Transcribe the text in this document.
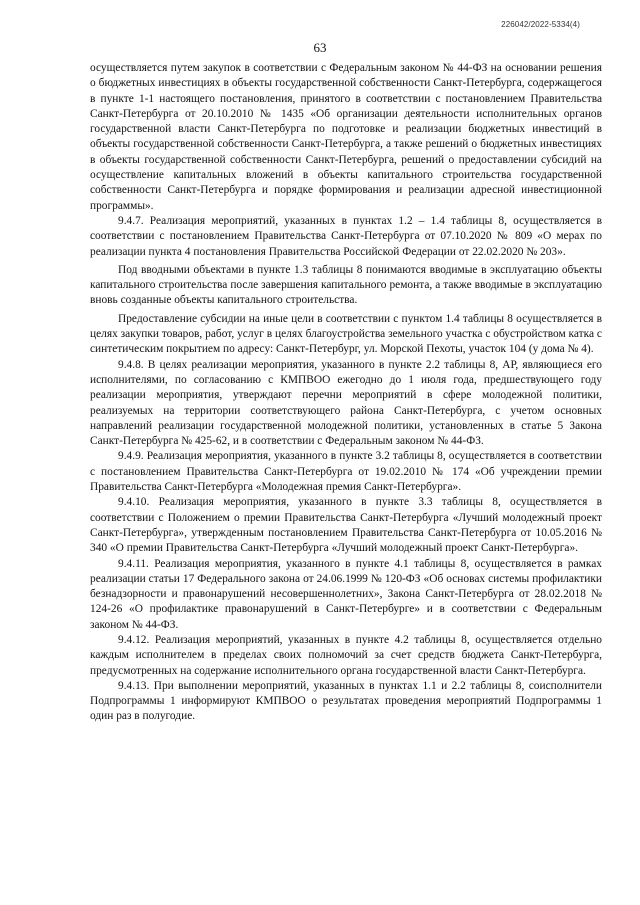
226042/2022-5334(4)
63

осуществляется путем закупок в соответствии с Федеральным законом № 44-ФЗ на основании решения о бюджетных инвестициях в объекты государственной собственности Санкт-Петербурга, содержащегося в пункте 1-1 настоящего постановления, принятого в соответствии с постановлением Правительства Санкт-Петербурга от 20.10.2010 № 1435 «Об организации деятельности исполнительных органов государственной власти Санкт-Петербурга по подготовке и реализации бюджетных инвестиций в объекты государственной собственности Санкт-Петербурга, а также решений о бюджетных инвестициях в объекты государственной собственности Санкт-Петербурга, решений о предоставлении субсидий на осуществление капитальных вложений в объекты капитального строительства государственной собственности Санкт-Петербурга и порядке формирования и реализации адресной инвестиционной программы».

9.4.7. Реализация мероприятий, указанных в пунктах 1.2 – 1.4 таблицы 8, осуществляется в соответствии с постановлением Правительства Санкт-Петербурга от 07.10.2020 № 809 «О мерах по реализации пункта 4 постановления Правительства Российской Федерации от 22.02.2020 № 203».

Под вводными объектами в пункте 1.3 таблицы 8 понимаются вводимые в эксплуатацию объекты капитального строительства после завершения капитального ремонта, а также вводимые в эксплуатацию вновь созданные объекты капитального строительства.

Предоставление субсидии на иные цели в соответствии с пунктом 1.4 таблицы 8 осуществляется в целях закупки товаров, работ, услуг в целях благоустройства земельного участка с обустройством катка с синтетическим покрытием по адресу: Санкт-Петербург, ул. Морской Пехоты, участок 104 (у дома № 4).

9.4.8. В целях реализации мероприятия, указанного в пункте 2.2 таблицы 8, АР, являющиеся его исполнителями, по согласованию с КМПВОО ежегодно до 1 июля года, предшествующего году реализации мероприятия, утверждают перечни мероприятий в сфере молодежной политики, реализуемых на территории соответствующего района Санкт-Петербурга, с учетом основных направлений реализации государственной молодежной политики, установленных в статье 5 Закона Санкт-Петербурга № 425-62, и в соответствии с Федеральным законом № 44-ФЗ.

9.4.9. Реализация мероприятия, указанного в пункте 3.2 таблицы 8, осуществляется в соответствии с постановлением Правительства Санкт-Петербурга от 19.02.2010 № 174 «Об учреждении премии Правительства Санкт-Петербурга «Молодежная премия Санкт-Петербурга».

9.4.10. Реализация мероприятия, указанного в пункте 3.3 таблицы 8, осуществляется в соответствии с Положением о премии Правительства Санкт-Петербурга «Лучший молодежный проект Санкт-Петербурга», утвержденным постановлением Правительства Санкт-Петербурга от 10.05.2016 № 340 «О премии Правительства Санкт-Петербурга «Лучший молодежный проект Санкт-Петербурга».

9.4.11. Реализация мероприятия, указанного в пункте 4.1 таблицы 8, осуществляется в рамках реализации статьи 17 Федерального закона от 24.06.1999 № 120-ФЗ «Об основах системы профилактики безнадзорности и правонарушений несовершеннолетних», Закона Санкт-Петербурга от 28.02.2018 № 124-26 «О профилактике правонарушений в Санкт-Петербурге» и в соответствии с Федеральным законом № 44-ФЗ.

9.4.12. Реализация мероприятий, указанных в пункте 4.2 таблицы 8, осуществляется отдельно каждым исполнителем в пределах своих полномочий за счет средств бюджета Санкт-Петербурга, предусмотренных на содержание исполнительного органа государственной власти Санкт-Петербурга.

9.4.13. При выполнении мероприятий, указанных в пунктах 1.1 и 2.2 таблицы 8, соисполнители Подпрограммы 1 информируют КМПВОО о результатах проведения мероприятий Подпрограммы 1 один раз в полугодие.
